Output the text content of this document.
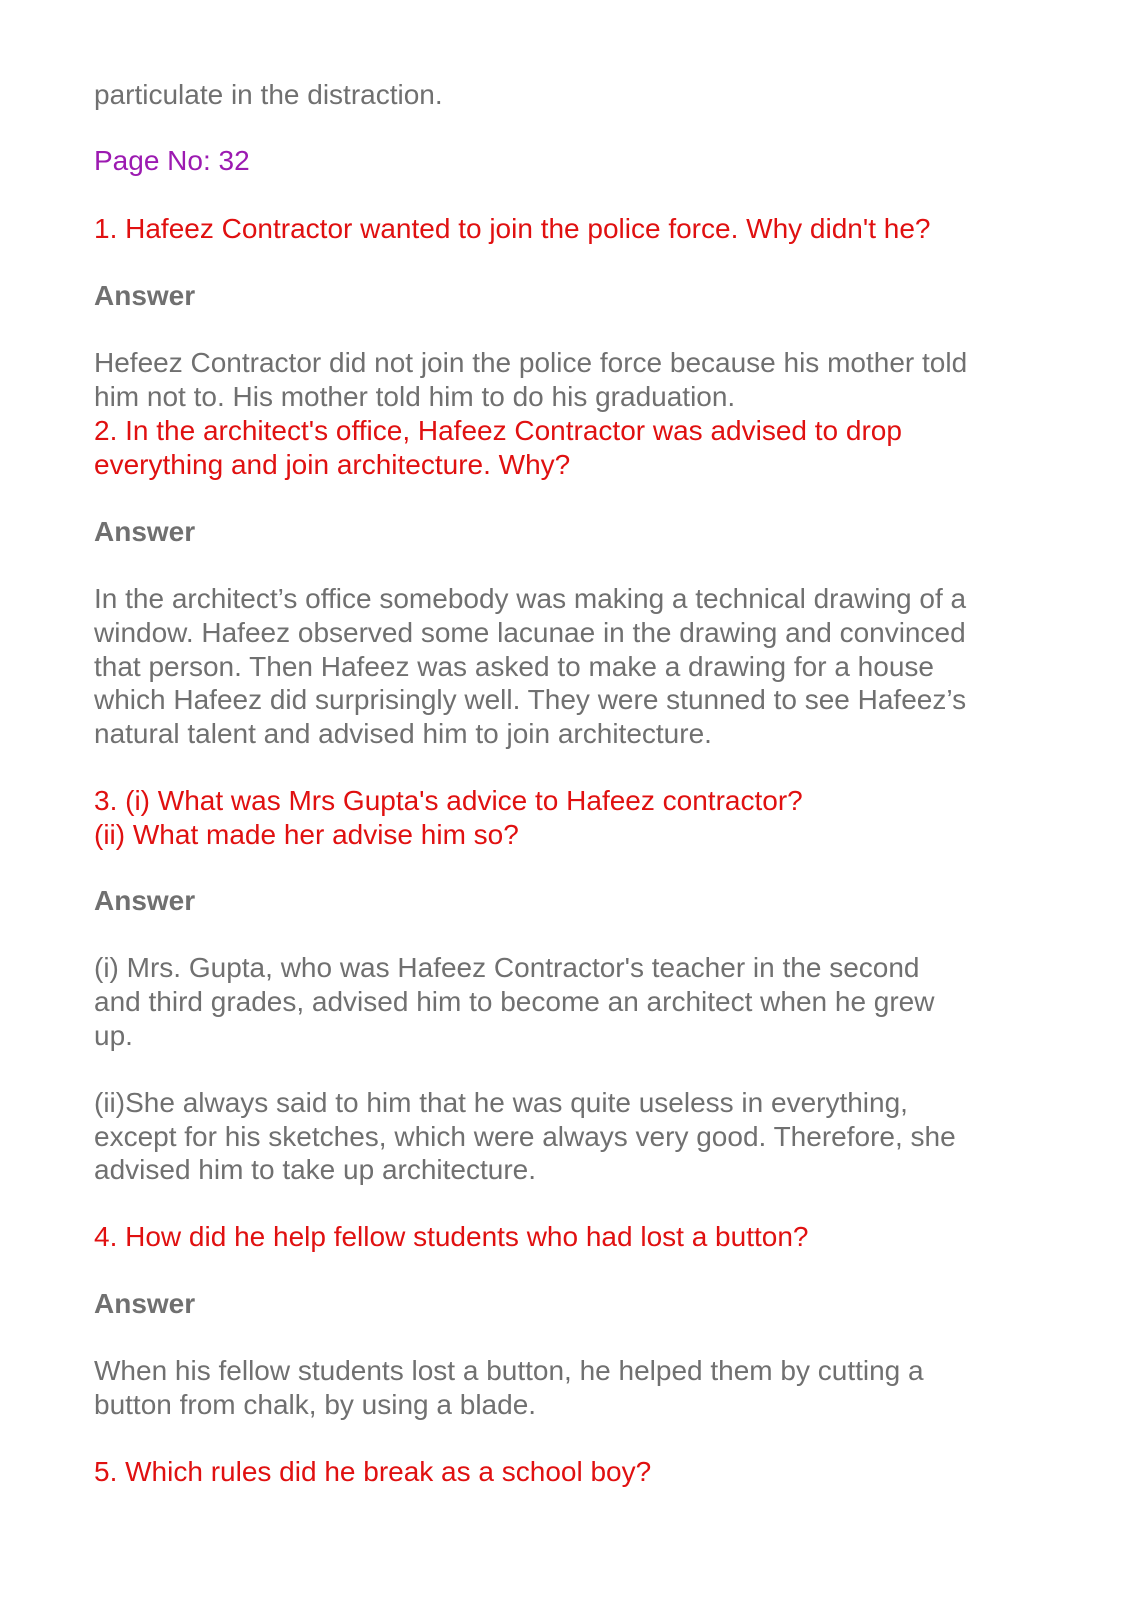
particulate in the distraction.

Page No: 32

1. Hafeez Contractor wanted to join the police force. Why didn't he?

Answer

Hefeez Contractor did not join the police force because his mother told

him not to. His mother told him to do his graduation.

2. In the architect's office, Hafeez Contractor was advised to drop

everything and join architecture. Why?

Answer

In the architect’s office somebody was making a technical drawing of a

window. Hafeez observed some lacunae in the drawing and convinced

that person. Then Hafeez was asked to make a drawing for a house

which Hafeez did surprisingly well. They were stunned to see Hafeez’s

natural talent and advised him to join architecture.

3. (i) What was Mrs Gupta's advice to Hafeez contractor?

(ii) What made her advise him so?

Answer

(i) Mrs. Gupta, who was Hafeez Contractor's teacher in the second

and third grades, advised him to become an architect when he grew

up.

(ii)She always said to him that he was quite useless in everything,

except for his sketches, which were always very good. Therefore, she

advised him to take up architecture.

4. How did he help fellow students who had lost a button?

Answer

When his fellow students lost a button, he helped them by cutting a

button from chalk, by using a blade.

5. Which rules did he break as a school boy?
